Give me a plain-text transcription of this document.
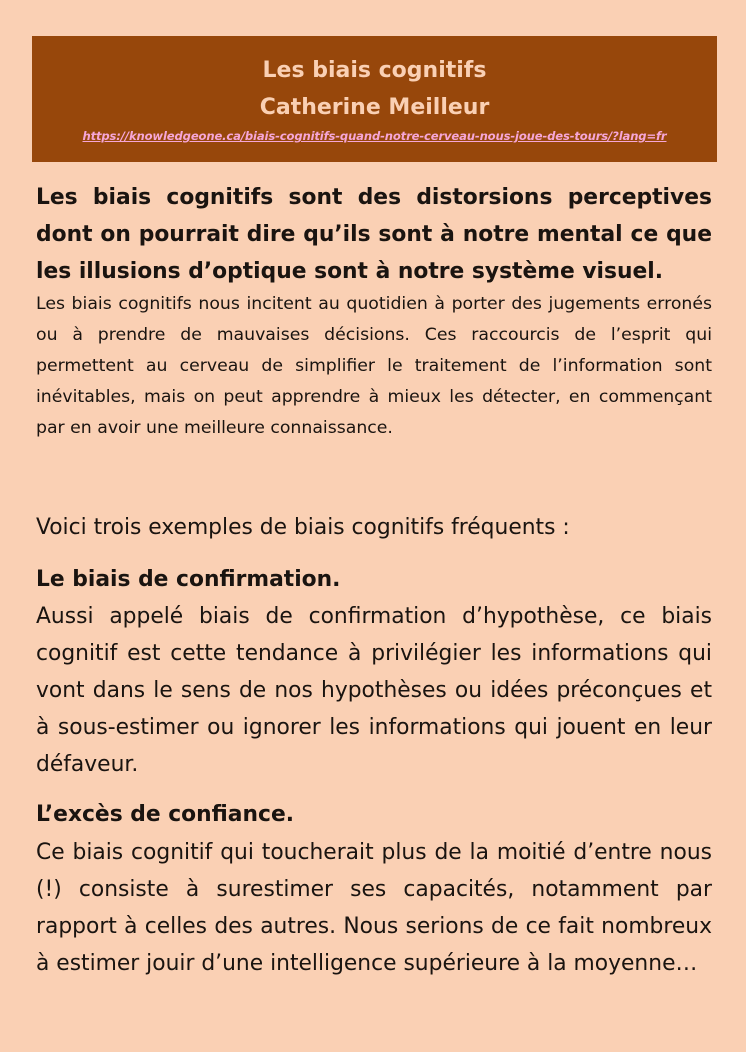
Les biais cognitifs
Catherine Meilleur
https://knowledgeone.ca/biais-cognitifs-quand-notre-cerveau-nous-joue-des-tours/?lang=fr

Les biais cognitifs sont des distorsions perceptives dont on pourrait dire qu’ils sont à notre mental ce que les illusions d’optique sont à notre système visuel.

Les biais cognitifs nous incitent au quotidien à porter des jugements erronés ou à prendre de mauvaises décisions. Ces raccourcis de l’esprit qui permettent au cerveau de simplifier le traitement de l’information sont inévitables, mais on peut apprendre à mieux les détecter, en commençant par en avoir une meilleure connaissance.

Voici trois exemples de biais cognitifs fréquents :

Le biais de confirmation.

Aussi appelé biais de confirmation d’hypothèse, ce biais cognitif est cette tendance à privilégier les informations qui vont dans le sens de nos hypothèses ou idées préconçues et à sous-estimer ou ignorer les informations qui jouent en leur défaveur.

L’excès de confiance.

Ce biais cognitif qui toucherait plus de la moitié d’entre nous (!) consiste à surestimer ses capacités, notamment par rapport à celles des autres. Nous serions de ce fait nombreux à estimer jouir d’une intelligence supérieure à la moyenne…
